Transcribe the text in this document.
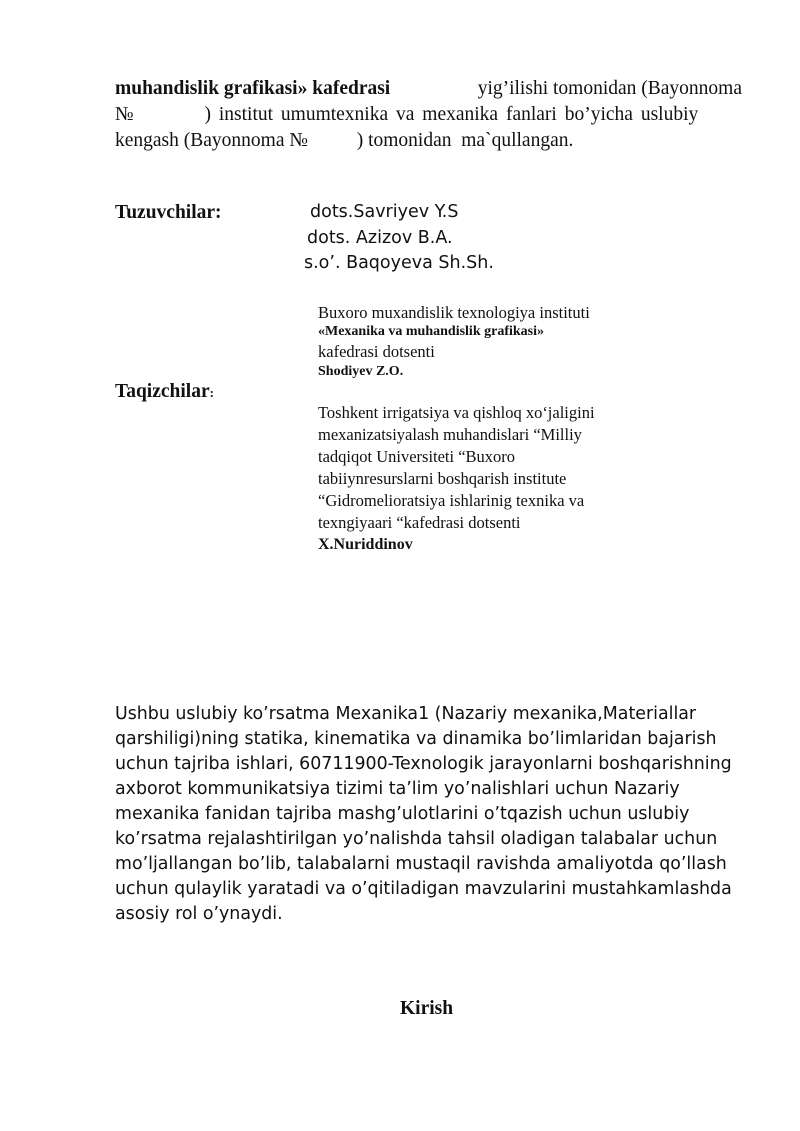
muhandislik grafikasi» kafedrasi	yig’ilishi tomonidan (Bayonnoma
№         ) institut umumtexnika va mexanika fanlari bo’yicha uslubiy
kengash (Bayonnoma №          ) tomonidan  ma`qullangan.
Tuzuvchilar:	dots.Savriyev Y.S
dots. Azizov B.A.
s.o’. Baqoyeva Sh.Sh.
Taqizchilar:
Buxoro muxandislik texnologiya instituti
«Mexanika va muhandislik grafikasi»
kafedrasi dotsenti
Shodiyev Z.O.
Toshkent irrigatsiya va qishloq xo‘jaligini
mexanizatsiyalash muhandislari “Milliy
tadqiqot Universiteti “Buxoro
tabiiynresurslarni boshqarish institute
“Gidromelioratsiya ishlarinig texnika va
texngiyaari “kafedrasi dotsenti
X.Nuriddinov
Ushbu uslubiy ko’rsatma Mexanika1 (Nazariy mexanika,Materiallar
qarshiligi)ning statika, kinematika va dinamika bo’limlaridan bajarish
uchun tajriba ishlari, 60711900-Texnologik jarayonlarni boshqarishning
axborot kommunikatsiya tizimi ta’lim yo’nalishlari uchun Nazariy
mexanika fanidan tajriba mashg’ulotlarini o’tqazish uchun uslubiy
ko’rsatma rejalashtirilgan yo’nalishda tahsil oladigan talabalar uchun
mo’ljallangan bo’lib, talabalarni mustaqil ravishda amaliyotda qo’llash
uchun qulaylik yaratadi va o’qitiladigan mavzularini mustahkamlashda
asosiy rol o’ynaydi.
Kirish
